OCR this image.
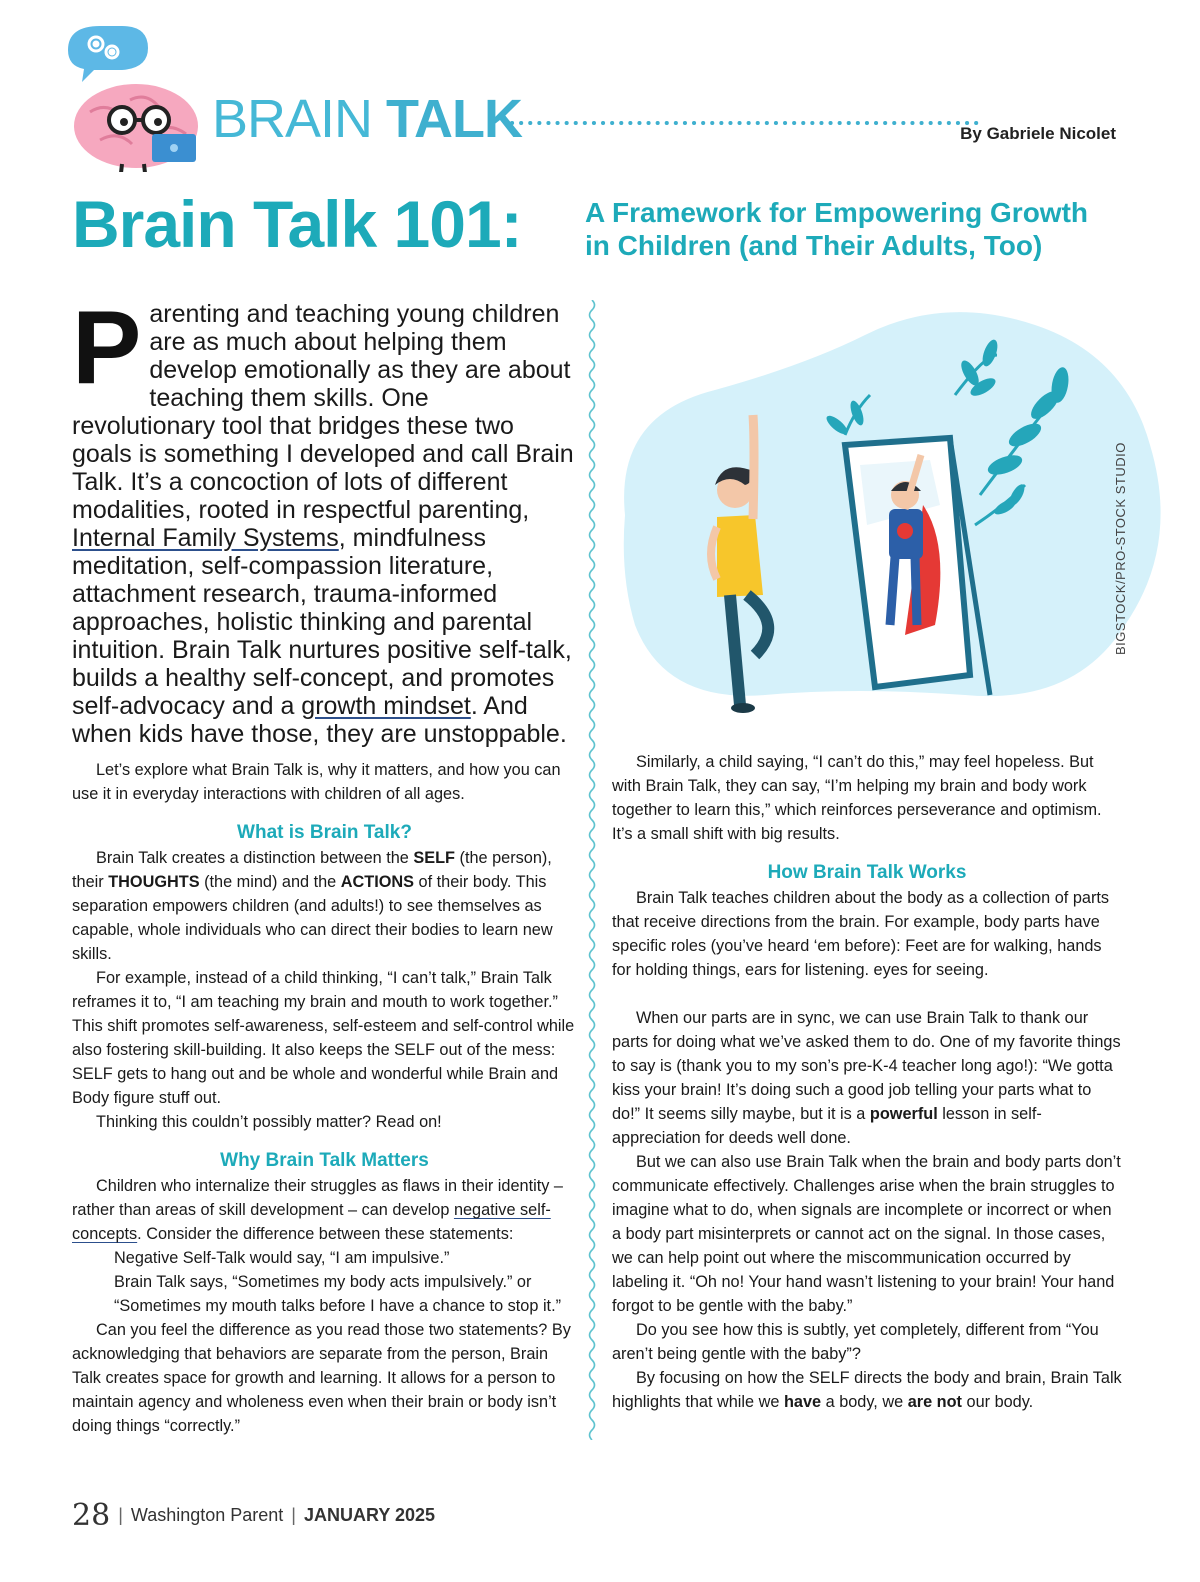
BRAIN TALK	By Gabriele Nicolet
Brain Talk 101: A Framework for Empowering Growth
in Children (and Their Adults, Too)

Parenting and teaching young children are as much about helping them develop emotionally as they are about teaching them skills. One revolutionary tool that bridges these two goals is something I developed and call Brain Talk. It’s a concoction of lots of different modalities, rooted in respectful parenting, Internal Family Systems, mindfulness meditation, self-compassion literature, attachment research, trauma-informed approaches, holistic thinking and parental intuition. Brain Talk nurtures positive self-talk, builds a healthy self-concept, and promotes self-advocacy and a growth mindset. And when kids have those, they are unstoppable.

Let’s explore what Brain Talk is, why it matters, and how you can use it in everyday interactions with children of all ages.

What is Brain Talk?

Brain Talk creates a distinction between the SELF (the person), their THOUGHTS (the mind) and the ACTIONS of their body. This separation empowers children (and adults!) to see themselves as capable, whole individuals who can direct their bodies to learn new skills.

For example, instead of a child thinking, “I can’t talk,” Brain Talk reframes it to, “I am teaching my brain and mouth to work together.” This shift promotes self-awareness, self-esteem and self-control while also fostering skill-building. It also keeps the SELF out of the mess: SELF gets to hang out and be whole and wonderful while Brain and Body figure stuff out.

Thinking this couldn’t possibly matter? Read on!

Why Brain Talk Matters

Children who internalize their struggles as flaws in their identity – rather than areas of skill development – can develop negative self-concepts. Consider the difference between these statements:

Negative Self-Talk would say, “I am impulsive.”

Brain Talk says, “Sometimes my body acts impulsively.” or “Sometimes my mouth talks before I have a chance to stop it.”

Can you feel the difference as you read those two statements? By acknowledging that behaviors are separate from the person, Brain Talk creates space for growth and learning. It allows for a person to maintain agency and wholeness even when their brain or body isn’t doing things “correctly.”

BIGSTOCK/PRO-STOCK STUDIO

Similarly, a child saying, “I can’t do this,” may feel hopeless. But with Brain Talk, they can say, “I’m helping my brain and body work together to learn this,” which reinforces perseverance and optimism. It’s a small shift with big results.

How Brain Talk Works

Brain Talk teaches children about the body as a collection of parts that receive directions from the brain. For example, body parts have specific roles (you’ve heard ‘em before): Feet are for walking, hands for holding things, ears for listening. eyes for seeing.

When our parts are in sync, we can use Brain Talk to thank our parts for doing what we’ve asked them to do. One of my favorite things to say is (thank you to my son’s pre-K-4 teacher long ago!): “We gotta kiss your brain! It’s doing such a good job telling your parts what to do!” It seems silly maybe, but it is a powerful lesson in self-appreciation for deeds well done.

But we can also use Brain Talk when the brain and body parts don’t communicate effectively. Challenges arise when the brain struggles to imagine what to do, when signals are incomplete or incorrect or when a body part misinterprets or cannot act on the signal. In those cases, we can help point out where the miscommunication occurred by labeling it. “Oh no! Your hand wasn’t listening to your brain! Your hand forgot to be gentle with the baby.”

Do you see how this is subtly, yet completely, different from “You aren’t being gentle with the baby”?

By focusing on how the SELF directs the body and brain, Brain Talk highlights that while we have a body, we are not our body.

28 | Washington Parent | JANUARY 2025
